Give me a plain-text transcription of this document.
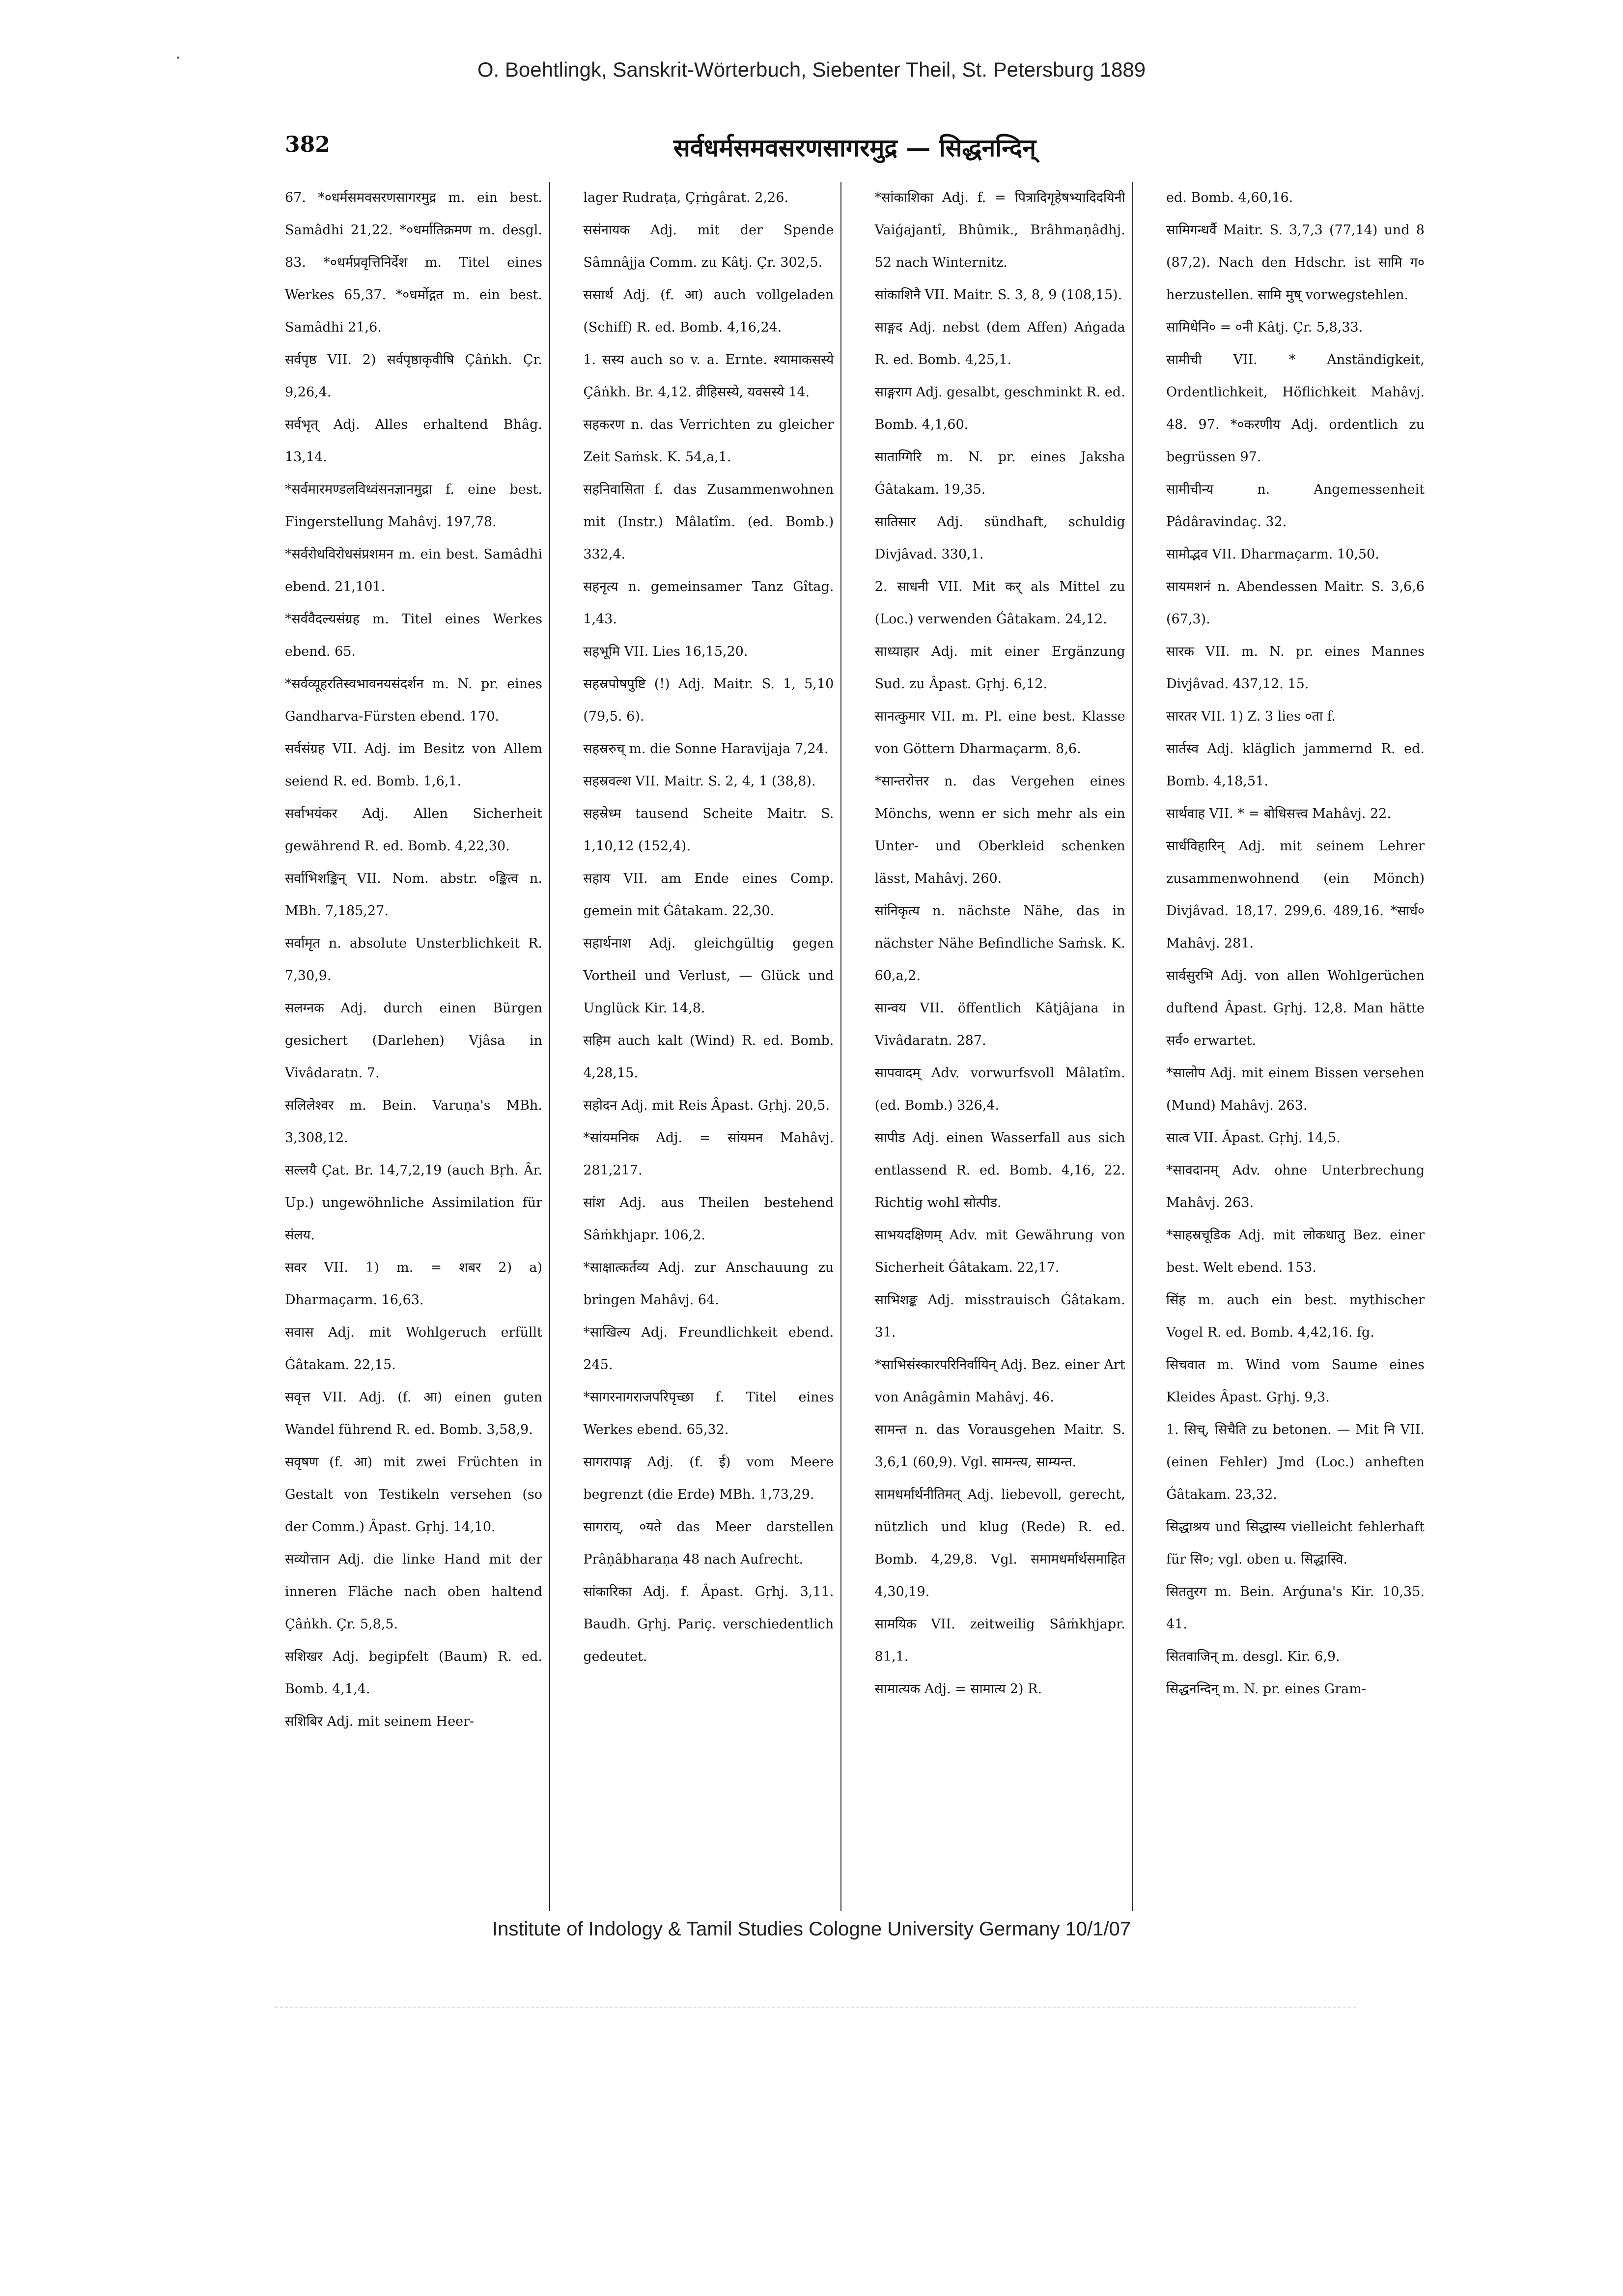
O. Boehtlingk, Sanskrit-Wörterbuch, Siebenter Theil, St. Petersburg 1889
382	सर्वधर्मसमवसरणसागरमुद्र — सिद्धनन्दिन्

67. *०धर्मसमवसरणसागरमुद्र m. ein best. Samâdhi 21,22. *०धर्मातिक्रमण m. desgl. 83. *०धर्मप्रवृत्तिनिर्देश m. Titel eines Werkes 65,37. *०धर्मोद्गत m. ein best. Samâdhi 21,6.

सर्वपृष्ठ VII. 2) सर्वपृष्ठाकृवीषि Çâṅkh. Çr. 9,26,4.

सर्वभृत् Adj. Alles erhaltend Bhâg. 13,14.

*सर्वमारमण्डलविध्वंसनज्ञानमुद्रा f. eine best. Fingerstellung Mahâvj. 197,78.

*सर्वरोधविरोधसंप्रशमन m. ein best. Samâdhi ebend. 21,101.

*सर्ववैदल्यसंग्रह m. Titel eines Werkes ebend. 65.

*सर्वव्यूहरतिस्वभावनयसंदर्शन m. N. pr. eines Gandharva-Fürsten ebend. 170.

सर्वसंग्रह VII. Adj. im Besitz von Allem seiend R. ed. Bomb. 1,6,1.

सर्वाभयंकर Adj. Allen Sicherheit gewährend R. ed. Bomb. 4,22,30.

सर्वाभिशङ्किन् VII. Nom. abstr. ०ङ्कित्व n. MBh. 7,185,27.

सर्वामृत n. absolute Unsterblichkeit R. 7,30,9.

सलग्नक Adj. durch einen Bürgen gesichert (Darlehen) Vjâsa in Vivâdaratn. 7.

सलिलेश्वर m. Bein. Varuṇa's MBh. 3,308,12.

सल्लयै Çat. Br. 14,7,2,19 (auch Bṛh. Âr. Up.) ungewöhnliche Assimilation für संलय.

सवर VII. 1) m. = शबर 2) a) Dharmaçarm. 16,63.

सवास Adj. mit Wohlgeruch erfüllt Ǵâtakam. 22,15.

सवृत्त VII. Adj. (f. आ) einen guten Wandel führend R. ed. Bomb. 3,58,9.

सवृषण (f. आ) mit zwei Früchten in Gestalt von Testikeln versehen (so der Comm.) Âpast. Gṛhj. 14,10.

सव्योत्तान Adj. die linke Hand mit der inneren Fläche nach oben haltend Çâṅkh. Çr. 5,8,5.

सशिखर Adj. begipfelt (Baum) R. ed. Bomb. 4,1,4.

सशिबिर Adj. mit seinem Heer-

lager Rudraṭa, Çṛṅgârat. 2,26.

ससंनायक Adj. mit der Spende Sâmnâjja Comm. zu Kâtj. Çr. 302,5.

ससार्थ Adj. (f. आ) auch vollgeladen (Schiff) R. ed. Bomb. 4,16,24.

1. सस्य auch so v. a. Ernte. श्यामाकसस्ये Çâṅkh. Br. 4,12. व्रीहिसस्ये, यवसस्ये 14.

सहकरण n. das Verrichten zu gleicher Zeit Saṁsk. K. 54,a,1.

सहनिवासिता f. das Zusammenwohnen mit (Instr.) Mâlatîm. (ed. Bomb.) 332,4.

सहनृत्य n. gemeinsamer Tanz Gîtag. 1,43.

सहभूमि VII. Lies 16,15,20.

सहस्रपोषपुष्टि (!) Adj. Maitr. S. 1, 5,10 (79,5. 6).

सहस्ररुच् m. die Sonne Haravijaja 7,24.

सहस्रवल्श VII. Maitr. S. 2, 4, 1 (38,8).

सहस्रेध्म tausend Scheite Maitr. S. 1,10,12 (152,4).

सहाय VII. am Ende eines Comp. gemein mit Ǵâtakam. 22,30.

सहार्थनाश Adj. gleichgültig gegen Vortheil und Verlust, — Glück und Unglück Kir. 14,8.

सहिम auch kalt (Wind) R. ed. Bomb. 4,28,15.

सहोदन Adj. mit Reis Âpast. Gṛhj. 20,5.

*सांयमनिक Adj. = सांयमन Mahâvj. 281,217.

सांश Adj. aus Theilen bestehend Sâṁkhjapr. 106,2.

*साक्षात्कर्तव्य Adj. zur Anschauung zu bringen Mahâvj. 64.

*साखिल्य Adj. Freundlichkeit ebend. 245.

*सागरनागराजपरिपृच्छा f. Titel eines Werkes ebend. 65,32.

सागरापाङ्ग Adj. (f. ई) vom Meere begrenzt (die Erde) MBh. 1,73,29.

सागराय्, ०यते das Meer darstellen Prâṇâbharaṇa 48 nach Aufrecht.

सांकारिका Adj. f. Âpast. Gṛhj. 3,11. Baudh. Gṛhj. Pariç. verschiedentlich gedeutet.

*सांकाशिका Adj. f. = पित्रादिगृहेषभ्यादिदयिनी Vaiǵajantî, Bhûmik., Brâhmaṇâdhj. 52 nach Winternitz.

सांकाशिनै VII. Maitr. S. 3, 8, 9 (108,15).

साङ्गद Adj. nebst (dem Affen) Aṅgada R. ed. Bomb. 4,25,1.

साङ्गराग Adj. gesalbt, geschminkt R. ed. Bomb. 4,1,60.

साताग्गिरि m. N. pr. eines Jaksha Ǵâtakam. 19,35.

सातिसार Adj. sündhaft, schuldig Divjâvad. 330,1.

2. साधनी VII. Mit कर् als Mittel zu (Loc.) verwenden Ǵâtakam. 24,12.

साध्याहार Adj. mit einer Ergänzung Sud. zu Âpast. Gṛhj. 6,12.

सानत्कुमार VII. m. Pl. eine best. Klasse von Göttern Dharmaçarm. 8,6.

*सान्तरोत्तर n. das Vergehen eines Mönchs, wenn er sich mehr als ein Unter- und Oberkleid schenken lässt, Mahâvj. 260.

सांनिकृत्य n. nächste Nähe, das in nächster Nähe Befindliche Saṁsk. K. 60,a,2.

सान्वय VII. öffentlich Kâtjâjana in Vivâdaratn. 287.

सापवादम् Adv. vorwurfsvoll Mâlatîm. (ed. Bomb.) 326,4.

सापीड Adj. einen Wasserfall aus sich entlassend R. ed. Bomb. 4,16, 22. Richtig wohl सोत्पीड.

साभयदक्षिणम् Adv. mit Gewährung von Sicherheit Ǵâtakam. 22,17.

साभिशङ्क Adj. misstrauisch Ǵâtakam. 31.

*साभिसंस्कारपरिनिर्वायिन् Adj. Bez. einer Art von Anâgâmin Mahâvj. 46.

सामन्त n. das Vorausgehen Maitr. S. 3,6,1 (60,9). Vgl. सामन्त्य, साम्यन्त.

सामधर्मार्थनीतिमत् Adj. liebevoll, gerecht, nützlich und klug (Rede) R. ed. Bomb. 4,29,8. Vgl. समामधर्मार्थसमाहित 4,30,19.

सामयिक VII. zeitweilig Sâṁkhjapr. 81,1.

सामात्यक Adj. = सामात्य 2) R.

ed. Bomb. 4,60,16.

सामिगन्धर्वै Maitr. S. 3,7,3 (77,14) und 8 (87,2). Nach den Hdschr. ist सामि ग० herzustellen. सामि मुष् vorwegstehlen.

सामिधेनि० = ०नी Kâtj. Çr. 5,8,33.

सामीची VII. * Anständigkeit, Ordentlichkeit, Höflichkeit Mahâvj. 48. 97. *०करणीय Adj. ordentlich zu begrüssen 97.

सामीचीन्य n. Angemessenheit Pâdâravindaç. 32.

सामोद्भव VII. Dharmaçarm. 10,50.

सायमशनं n. Abendessen Maitr. S. 3,6,6 (67,3).

सारक VII. m. N. pr. eines Mannes Divjâvad. 437,12. 15.

सारतर VII. 1) Z. 3 lies ०ता f.

सार्तस्व Adj. kläglich jammernd R. ed. Bomb. 4,18,51.

सार्थवाह VII. * = बोधिसत्त्व Mahâvj. 22.

सार्धविहारिन् Adj. mit seinem Lehrer zusammenwohnend (ein Mönch) Divjâvad. 18,17. 299,6. 489,16. *सार्ध० Mahâvj. 281.

सार्वसुरभि Adj. von allen Wohlgerüchen duftend Âpast. Gṛhj. 12,8. Man hätte सर्व० erwartet.

*सालोप Adj. mit einem Bissen versehen (Mund) Mahâvj. 263.

सात्व VII. Âpast. Gṛhj. 14,5.

*सावदानम् Adv. ohne Unterbrechung Mahâvj. 263.

*साहस्रचूडिक Adj. mit लोकधातु Bez. einer best. Welt ebend. 153.

सिंह m. auch ein best. mythischer Vogel R. ed. Bomb. 4,42,16. fg.

सिचवात m. Wind vom Saume eines Kleides Âpast. Gṛhj. 9,3.

1. सिच्, सिचैति zu betonen. — Mit नि VII. (einen Fehler) Jmd (Loc.) anheften Ǵâtakam. 23,32.

सिद्धाश्रय und सिद्धास्य vielleicht fehlerhaft für सि०; vgl. oben u. सिद्धास्वि.

सिततुरग m. Bein. Arǵuna's Kir. 10,35. 41.

सितवाजिन् m. desgl. Kir. 6,9.

सिद्धनन्दिन् m. N. pr. eines Gram-

Institute of Indology & Tamil Studies Cologne University Germany 10/1/07
